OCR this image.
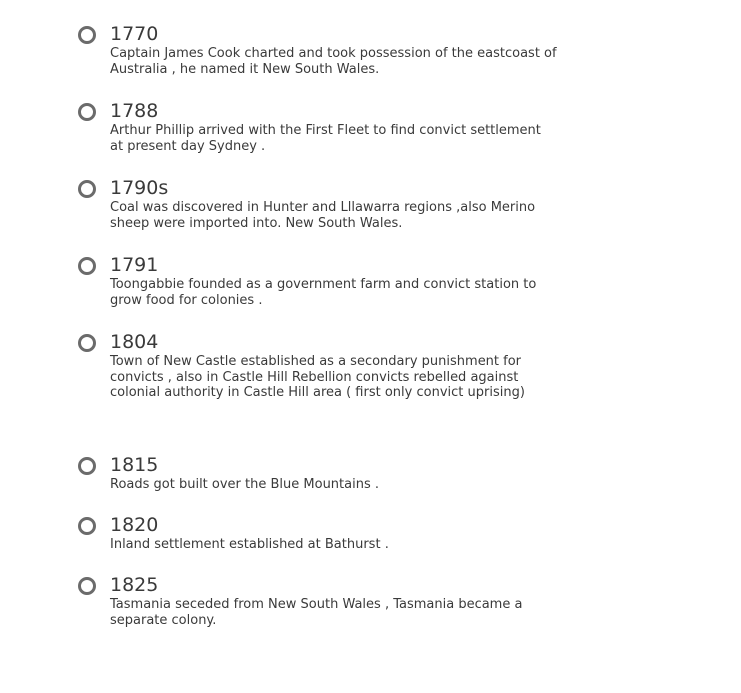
1770
Captain James Cook charted and took possession of the eastcoast of
Australia , he named it New South Wales.
1788
Arthur Phillip arrived with the First Fleet to find convict settlement
at present day Sydney .
1790s
Coal was discovered in Hunter and Lllawarra regions ,also Merino
sheep were imported into. New South Wales.
1791
Toongabbie founded as a government farm and convict station to
grow food for colonies .
1804
Town of New Castle established as a secondary punishment for
convicts , also in Castle Hill Rebellion convicts rebelled against
colonial authority in Castle Hill area ( first only convict uprising)
1815
Roads got built over the Blue Mountains .
1820
Inland settlement established at Bathurst .
1825
Tasmania seceded from New South Wales , Tasmania became a
separate colony.
